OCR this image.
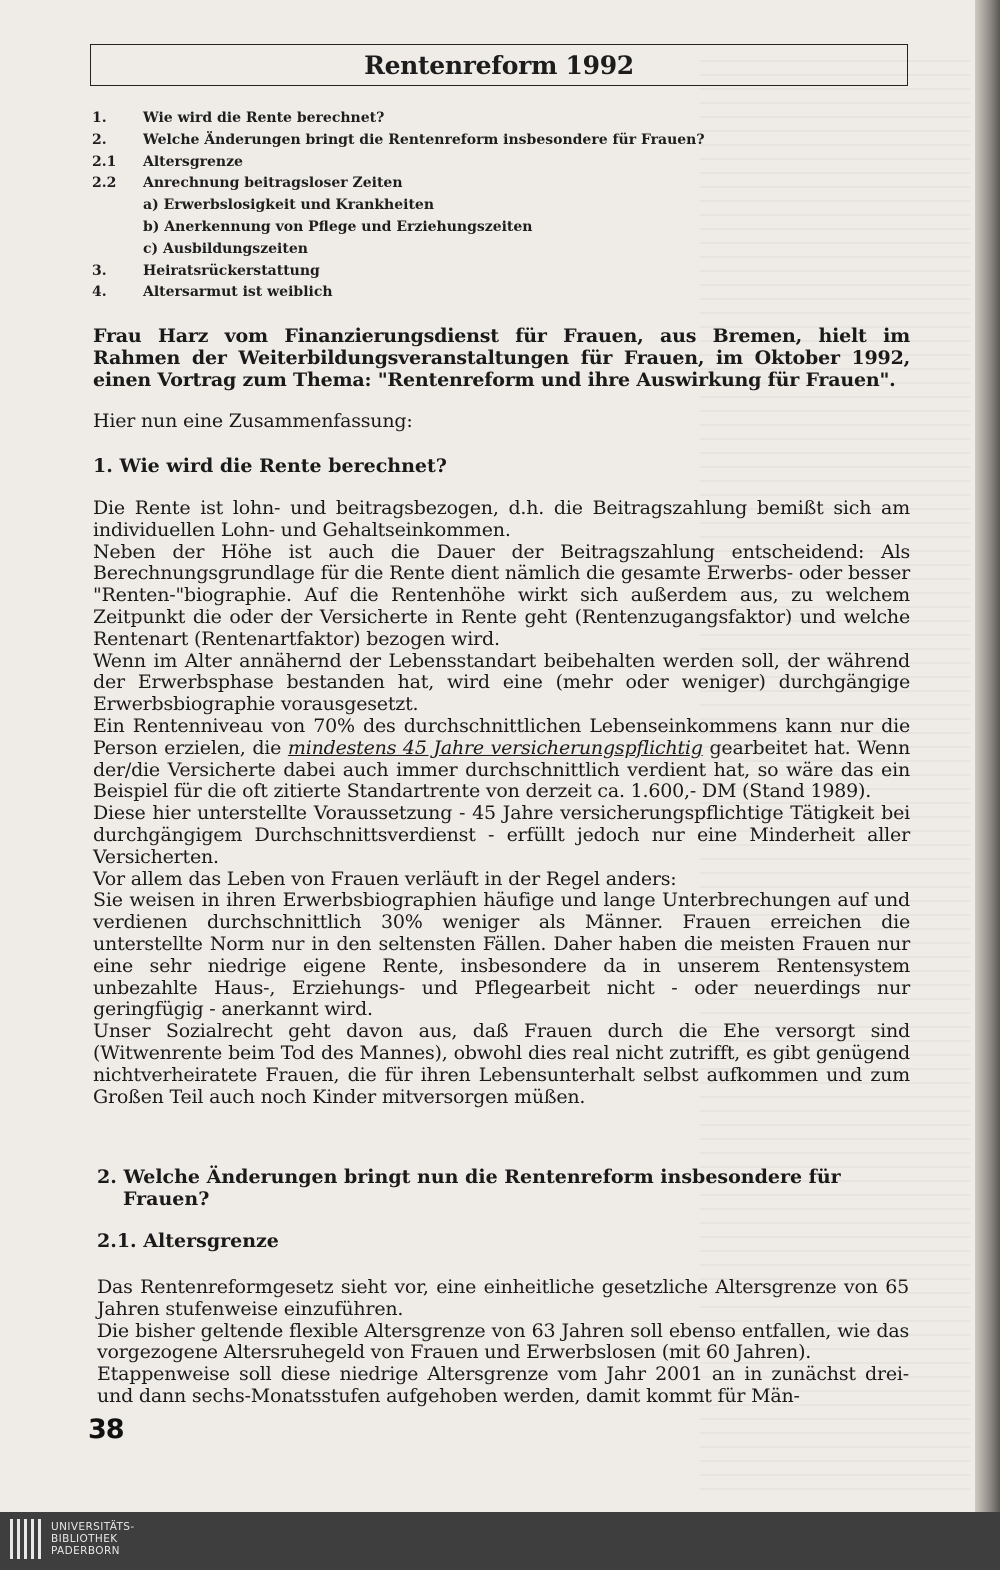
Rentenreform 1992
1.	Wie wird die Rente berechnet?
2.	Welche Änderungen bringt die Rentenreform insbesondere für Frauen?
2.1 Altersgrenze
2.2 Anrechnung beitragsloser Zeiten
a) Erwerbslosigkeit und Krankheiten
b) Anerkennung von Pflege und Erziehungszeiten
c) Ausbildungszeiten
3.	Heiratsrückerstattung
4.	Altersarmut ist weiblich

Frau Harz vom Finanzierungsdienst für Frauen, aus Bremen, hielt im Rahmen der Weiterbildungsveranstaltungen für Frauen, im Oktober 1992, einen Vortrag zum Thema: "Rentenreform und ihre Auswirkung für Frauen".

Hier nun eine Zusammenfassung:

1. Wie wird die Rente berechnet?

Die Rente ist lohn- und beitragsbezogen, d.h. die Beitragszahlung bemißt sich am individuellen Lohn- und Gehaltseinkommen.

Neben der Höhe ist auch die Dauer der Beitragszahlung entscheidend: Als Berechnungsgrundlage für die Rente dient nämlich die gesamte Erwerbs- oder besser "Renten-"biographie. Auf die Rentenhöhe wirkt sich außerdem aus, zu welchem Zeitpunkt die oder der Versicherte in Rente geht (Rentenzugangsfaktor) und welche Rentenart (Rentenartfaktor) bezogen wird.

Wenn im Alter annähernd der Lebensstandart beibehalten werden soll, der während der Erwerbsphase bestanden hat, wird eine (mehr oder weniger) durchgängige Erwerbsbiographie vorausgesetzt.

Ein Rentenniveau von 70% des durchschnittlichen Lebenseinkommens kann nur die Person erzielen, die mindestens 45 Jahre versicherungspflichtig gearbeitet hat. Wenn der/die Versicherte dabei auch immer durchschnittlich verdient hat, so wäre das ein Beispiel für die oft zitierte Standartrente von derzeit ca. 1.600,- DM (Stand 1989).

Diese hier unterstellte Voraussetzung - 45 Jahre versicherungspflichtige Tätigkeit bei durchgängigem Durchschnittsverdienst - erfüllt jedoch nur eine Minderheit aller Versicherten.

Vor allem das Leben von Frauen verläuft in der Regel anders:

Sie weisen in ihren Erwerbsbiographien häufige und lange Unterbrechungen auf und verdienen durchschnittlich 30% weniger als Männer. Frauen erreichen die unterstellte Norm nur in den seltensten Fällen. Daher haben die meisten Frauen nur eine sehr niedrige eigene Rente, insbesondere da in unserem Rentensystem unbezahlte Haus-, Erziehungs- und Pflegearbeit nicht - oder neuerdings nur geringfügig - anerkannt wird.

Unser Sozialrecht geht davon aus, daß Frauen durch die Ehe versorgt sind (Witwenrente beim Tod des Mannes), obwohl dies real nicht zutrifft, es gibt genügend nichtverheiratete Frauen, die für ihren Lebensunterhalt selbst aufkommen und zum Großen Teil auch noch Kinder mitversorgen müßen.

2. Welche Änderungen bringt nun die Rentenreform insbesondere für
Frauen?
2.1. Altersgrenze

Das Rentenreformgesetz sieht vor, eine einheitliche gesetzliche Altersgrenze von 65 Jahren stufenweise einzuführen.

Die bisher geltende flexible Altersgrenze von 63 Jahren soll ebenso entfallen, wie das vorgezogene Altersruhegeld von Frauen und Erwerbslosen (mit 60 Jahren).

Etappenweise soll diese niedrige Altersgrenze vom Jahr 2001 an in zunächst drei- und dann sechs-Monatsstufen aufgehoben werden, damit kommt für Män-

38
UNIVERSITÄTS-
BIBLIOTHEK
PADERBORN
